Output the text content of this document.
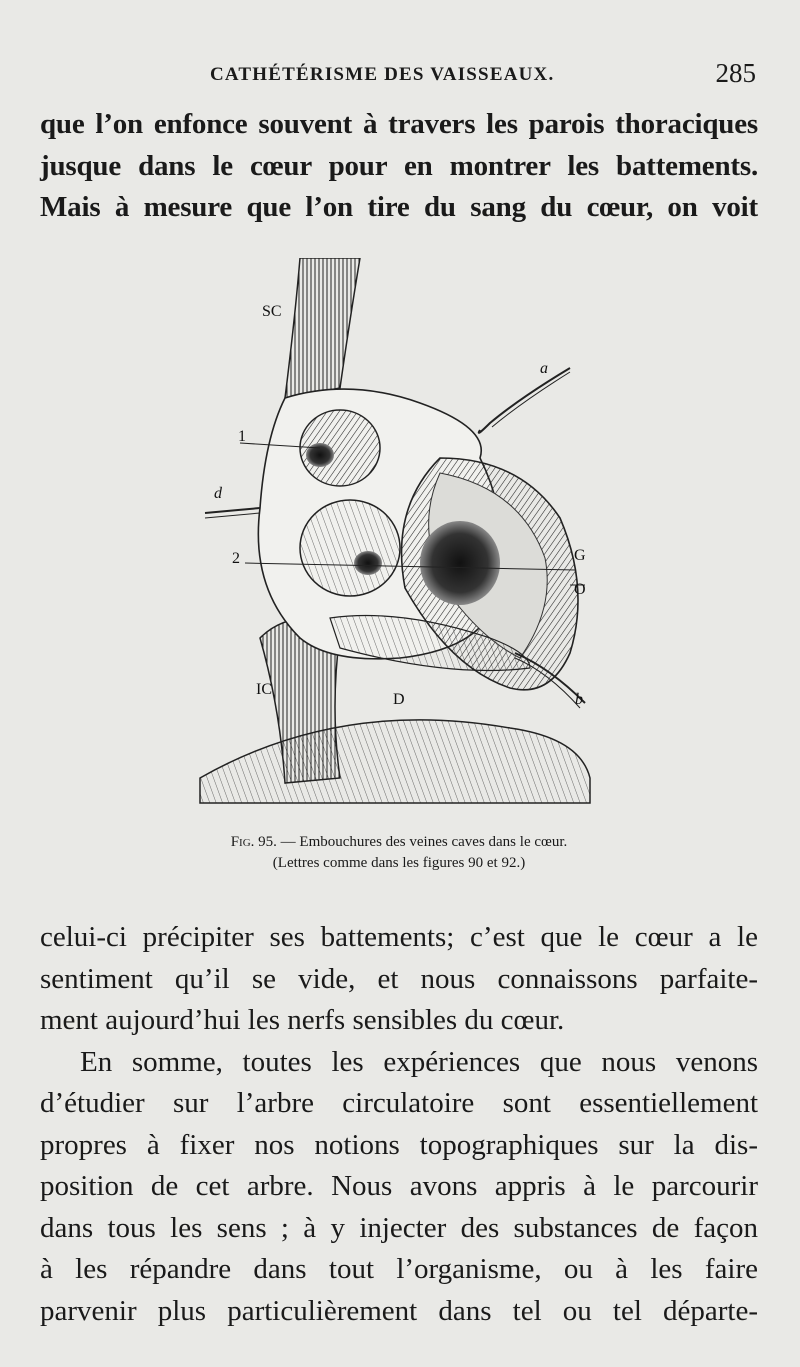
CATHÉTÉRISME DES VAISSEAUX.	285
que l’on enfonce souvent à travers les parois thoraciques
jusque dans le cœur pour en montrer les battements.
Mais à mesure que l’on tire du sang du cœur, on voit
SC
a
1
d
2	G
O
IC
D	b
Fig. 95. — Embouchures des veines caves dans le cœur.
(Lettres comme dans les figures 90 et 92.)
celui-ci précipiter ses battements; c’est que le cœur a le
sentiment qu’il se vide, et nous connaissons parfaite-
ment aujourd’hui les nerfs sensibles du cœur.
En somme, toutes les expériences que nous venons
d’étudier sur l’arbre circulatoire sont essentiellement
propres à fixer nos notions topographiques sur la dis-
position de cet arbre. Nous avons appris à le parcourir
dans tous les sens ; à y injecter des substances de façon
à les répandre dans tout l’organisme, ou à les faire
parvenir plus particulièrement dans tel ou tel départe-
